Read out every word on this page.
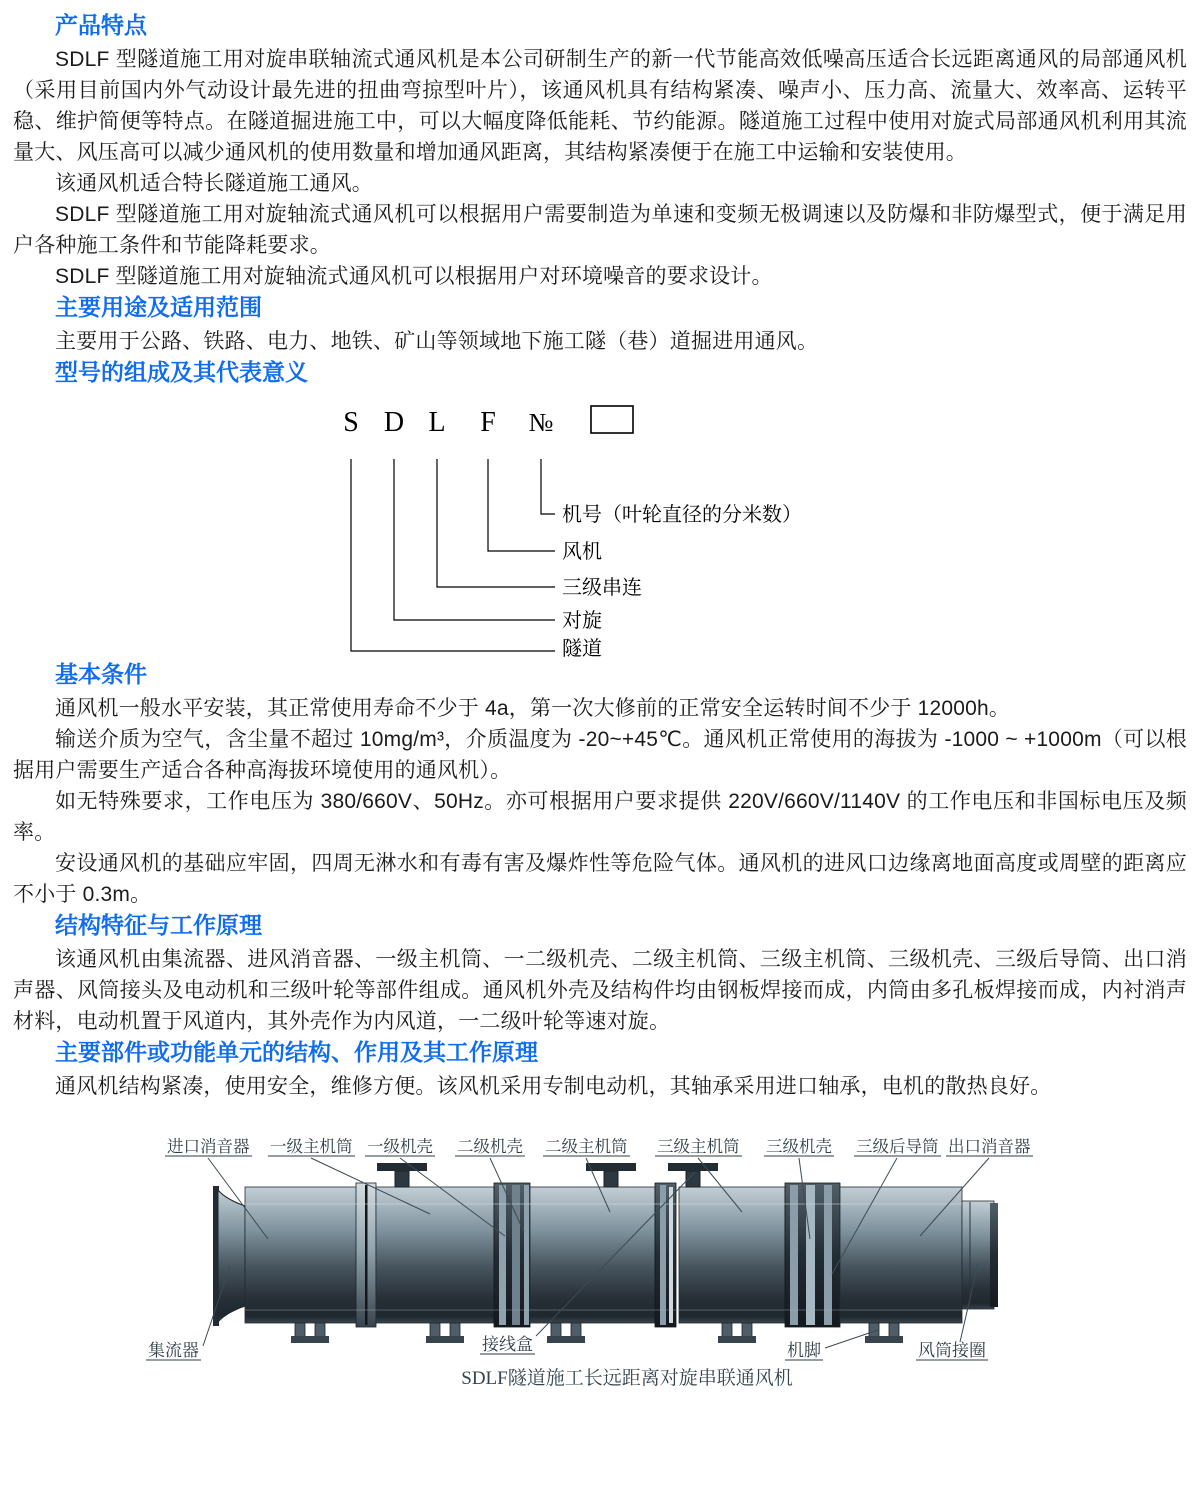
产品特点

SDLF 型隧道施工用对旋串联轴流式通风机是本公司研制生产的新一代节能高效低噪高压适合长远距离通风的局部通风机（采用目前国内外气动设计最先进的扭曲弯掠型叶片），该通风机具有结构紧凑、噪声小、压力高、流量大、效率高、运转平稳、维护简便等特点。在隧道掘进施工中，可以大幅度降低能耗、节约能源。隧道施工过程中使用对旋式局部通风机利用其流量大、风压高可以减少通风机的使用数量和增加通风距离，其结构紧凑便于在施工中运输和安装使用。

该通风机适合特长隧道施工通风。

SDLF 型隧道施工用对旋轴流式通风机可以根据用户需要制造为单速和变频无极调速以及防爆和非防爆型式，便于满足用户各种施工条件和节能降耗要求。

SDLF 型隧道施工用对旋轴流式通风机可以根据用户对环境噪音的要求设计。

主要用途及适用范围

主要用于公路、铁路、电力、地铁、矿山等领域地下施工隧（巷）道掘进用通风。

型号的组成及其代表意义
S D L F №
机号（叶轮直径的分米数）
风机
三级串连
对旋
隧道
基本条件

通风机一般水平安装，其正常使用寿命不少于 4a，第一次大修前的正常安全运转时间不少于 12000h。

输送介质为空气，含尘量不超过 10mg/m³，介质温度为 -20~+45℃。通风机正常使用的海拔为 -1000 ~ +1000m（可以根据用户需要生产适合各种高海拔环境使用的通风机）。

如无特殊要求，工作电压为 380/660V、50Hz。亦可根据用户要求提供 220V/660V/1140V 的工作电压和非国标电压及频率。

安设通风机的基础应牢固，四周无淋水和有毒有害及爆炸性等危险气体。通风机的进风口边缘离地面高度或周壁的距离应不小于 0.3m。

结构特征与工作原理

该通风机由集流器、进风消音器、一级主机筒、一二级机壳、二级主机筒、三级主机筒、三级机壳、三级后导筒、出口消声器、风筒接头及电动机和三级叶轮等部件组成。通风机外壳及结构件均由钢板焊接而成，内筒由多孔板焊接而成，内衬消声材料，电动机置于风道内，其外壳作为内风道，一二级叶轮等速对旋。

主要部件或功能单元的结构、作用及其工作原理

通风机结构紧凑，使用安全，维修方便。该风机采用专制电动机，其轴承采用进口轴承，电机的散热良好。

进口消音器 一级主机筒 一级机壳 二级机壳 二级主机筒 三级主机筒 三级机壳 三级后导筒 出口消音器
集流器	接线盒	机脚	风筒接圈
SDLF隧道施工长远距离对旋串联通风机
